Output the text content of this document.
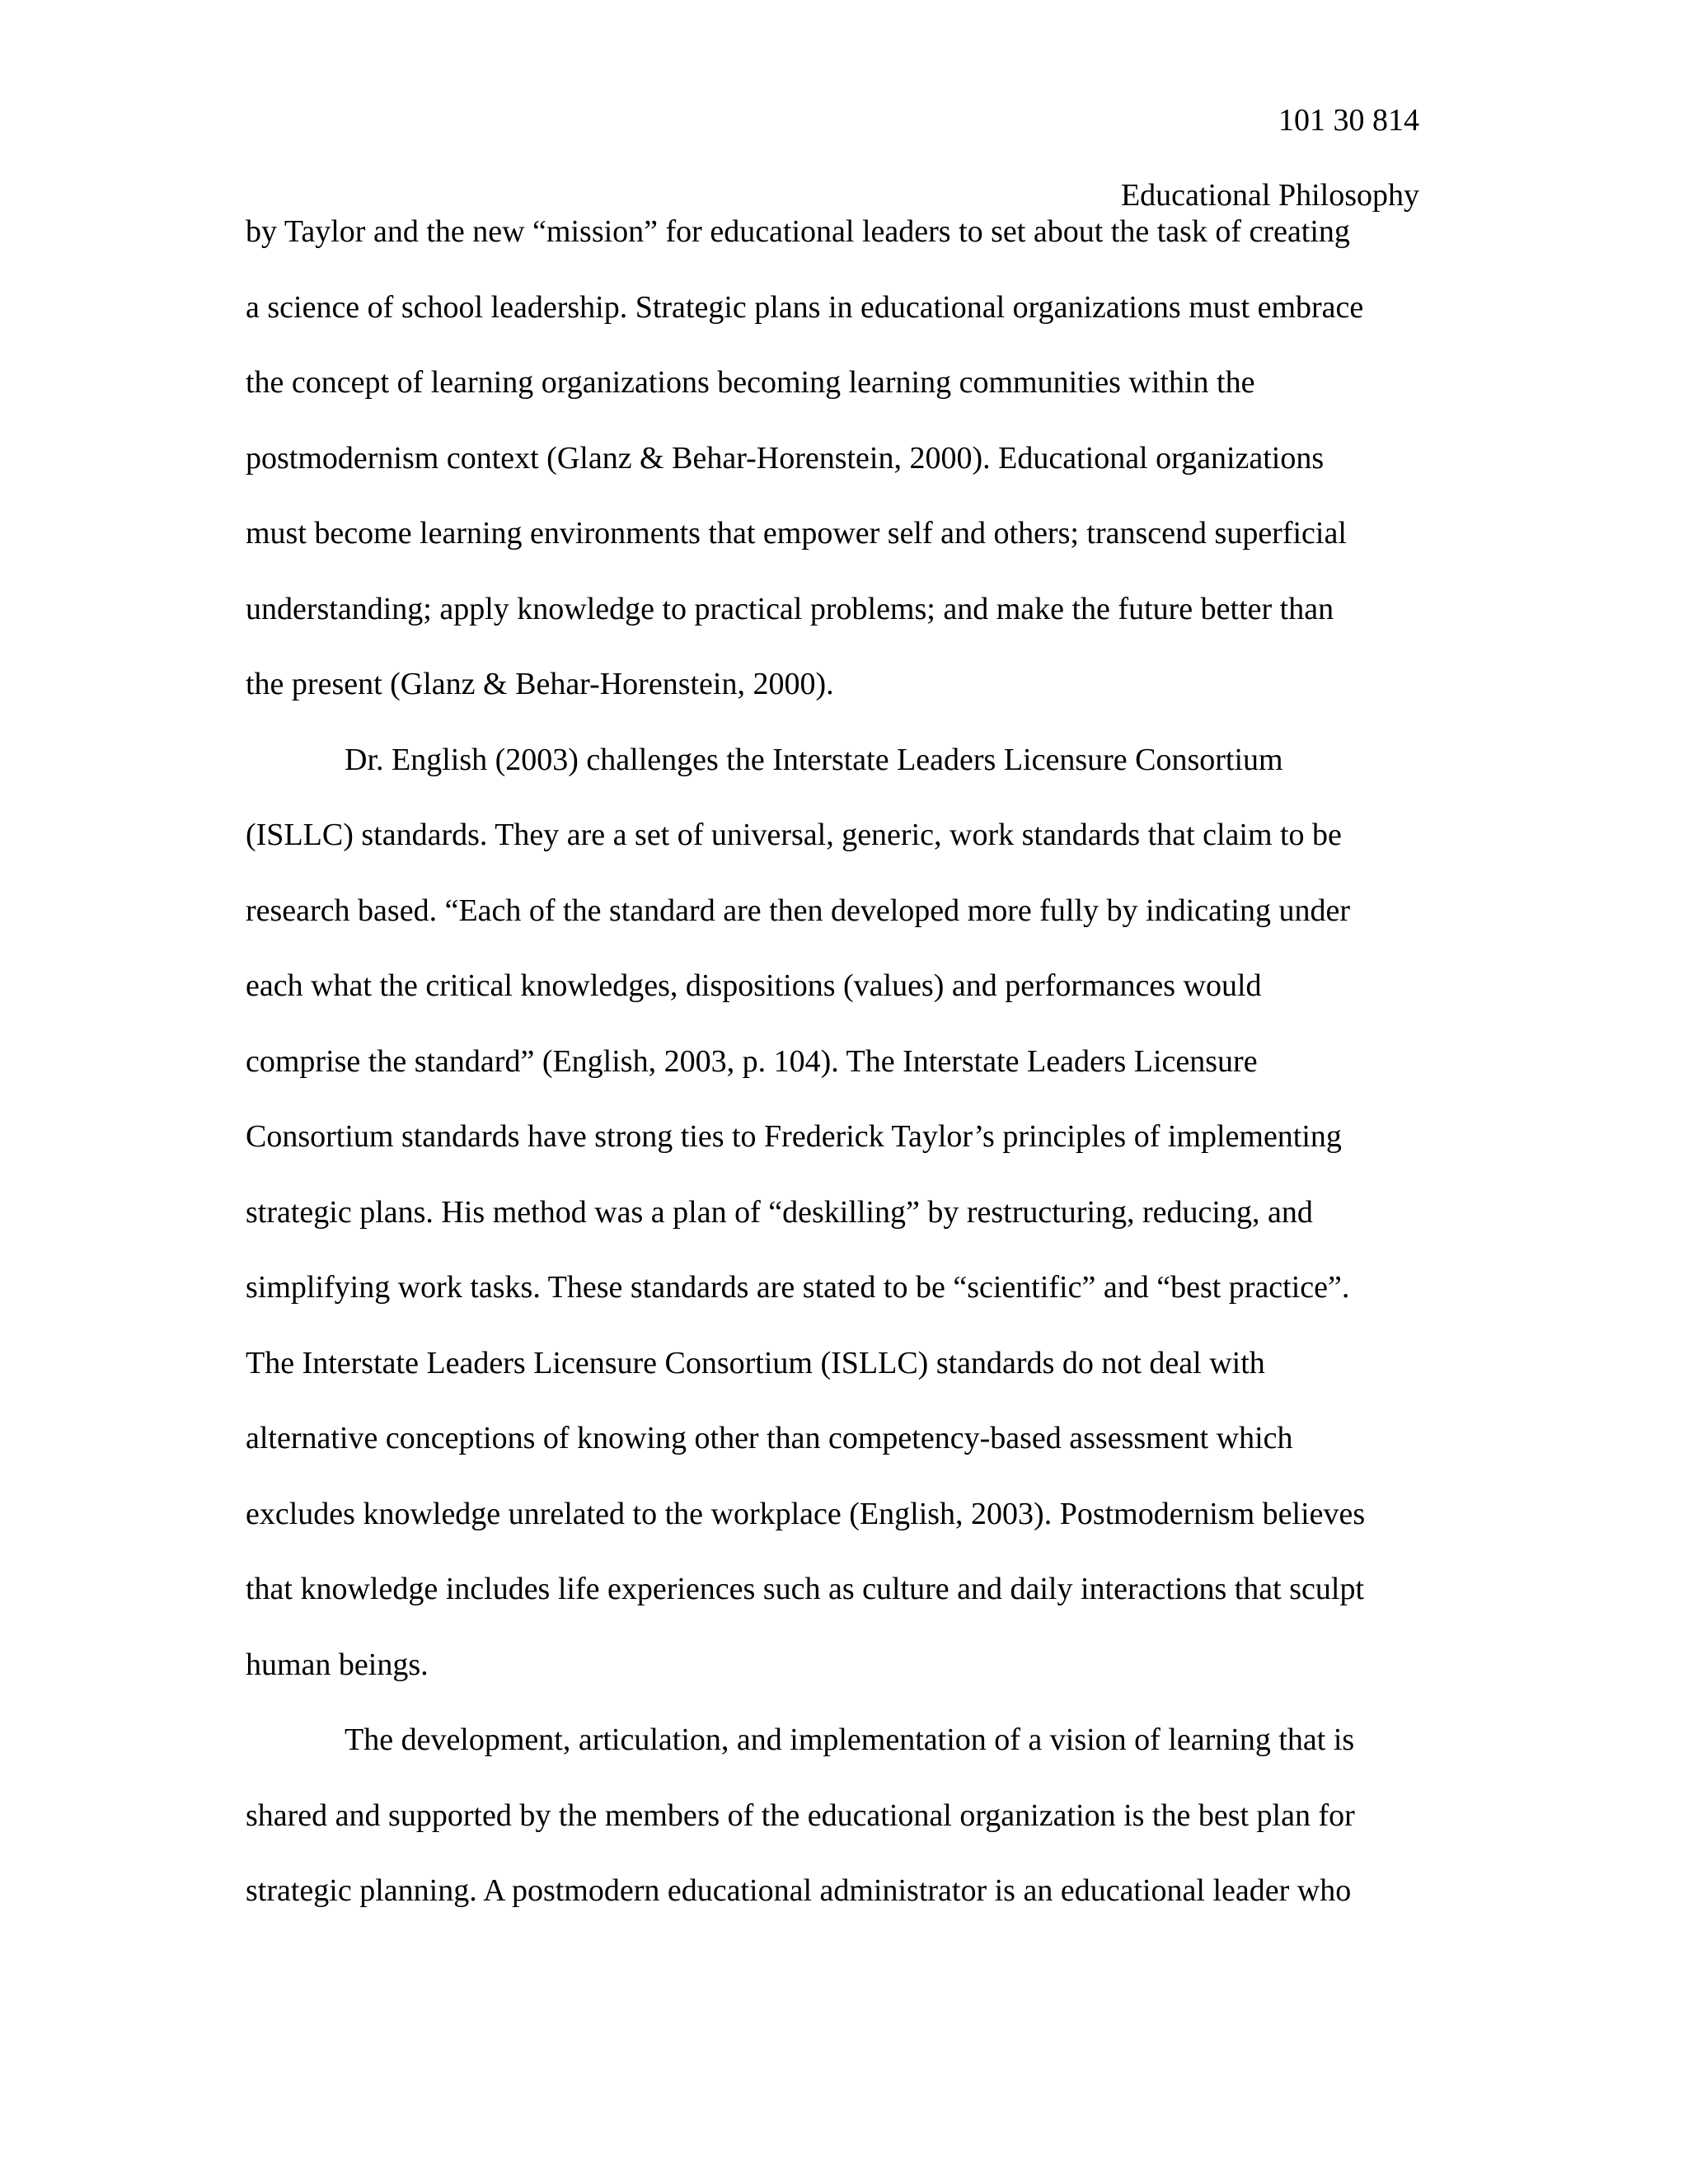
101 30 814
Educational Philosophy
by Taylor and the new “mission” for educational leaders to set about the task of creating
a science of school leadership. Strategic plans in educational organizations must embrace
the concept of learning organizations becoming learning communities within the
postmodernism context (Glanz & Behar-Horenstein, 2000). Educational organizations
must become learning environments that empower self and others; transcend superficial
understanding; apply knowledge to practical problems; and make the future better than
the present (Glanz & Behar-Horenstein, 2000).
Dr. English (2003) challenges the Interstate Leaders Licensure Consortium
(ISLLC) standards. They are a set of universal, generic, work standards that claim to be
research based. “Each of the standard are then developed more fully by indicating under
each what the critical knowledges, dispositions (values) and performances would
comprise the standard” (English, 2003, p. 104). The Interstate Leaders Licensure
Consortium standards have strong ties to Frederick Taylor’s principles of implementing
strategic plans. His method was a plan of “deskilling” by restructuring, reducing, and
simplifying work tasks. These standards are stated to be “scientific” and “best practice”.
The Interstate Leaders Licensure Consortium (ISLLC) standards do not deal with
alternative conceptions of knowing other than competency-based assessment which
excludes knowledge unrelated to the workplace (English, 2003). Postmodernism believes
that knowledge includes life experiences such as culture and daily interactions that sculpt
human beings.
The development, articulation, and implementation of a vision of learning that is
shared and supported by the members of the educational organization is the best plan for
strategic planning. A postmodern educational administrator is an educational leader who
